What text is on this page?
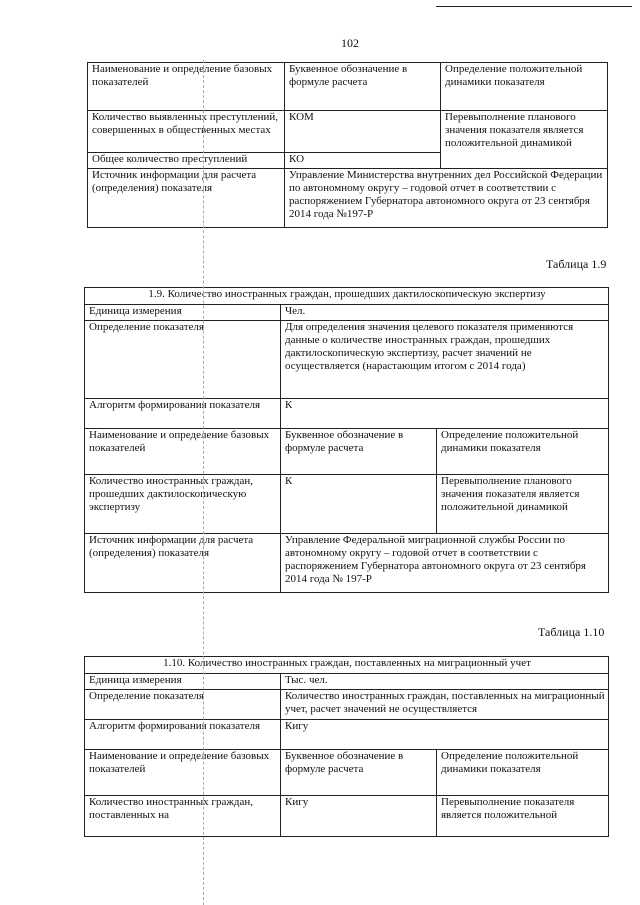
102
Наименование и определение базовых показателей	Буквенное обозначение в формуле расчета	Определение положительной динамики показателя
Количество выявленных преступлений, совершенных в общественных местах	КОМ	Перевыполнение планового значения показателя является положительной динамикой
Общее количество преступлений	КО	
Источник информации для расчета (определения) показателя	Управление Министерства внутренних дел Российской Федерации по автономному округу – годовой отчет в соответствии с распоряжением Губернатора автономного округа от 23 сентября 2014 года №197-Р	
Таблица 1.9
1.9. Количество иностранных граждан, прошедших дактилоскопическую экспертизу		
Единица измерения	Чел.	
Определение показателя	Для определения значения целевого показателя применяются данные о количестве иностранных граждан, прошедших дактилоскопическую экспертизу, расчет значений не осуществляется (нарастающим итогом с 2014 года)	
Алгоритм формирования показателя	К	
Наименование и определение базовых показателей	Буквенное обозначение в формуле расчета	Определение положительной динамики показателя
Количество иностранных граждан, прошедших дактилоскопическую экспертизу	К	Перевыполнение планового значения показателя является положительной динамикой
Источник информации для расчета (определения) показателя	Управление Федеральной миграционной службы России по автономному округу – годовой отчет в соответствии с распоряжением Губернатора автономного округа от 23 сентября 2014 года № 197-Р	
Таблица 1.10
1.10. Количество иностранных граждан, поставленных на миграционный учет		
Единица измерения	Тыс. чел.	
Определение показателя	Количество иностранных граждан, поставленных на миграционный учет, расчет значений не осуществляется	
Алгоритм формирования показателя	Кигу	
Наименование и определение базовых показателей	Буквенное обозначение в формуле расчета	Определение положительной динамики показателя
Количество иностранных граждан, поставленных на	Кигу	Перевыполнение показателя является положительной
